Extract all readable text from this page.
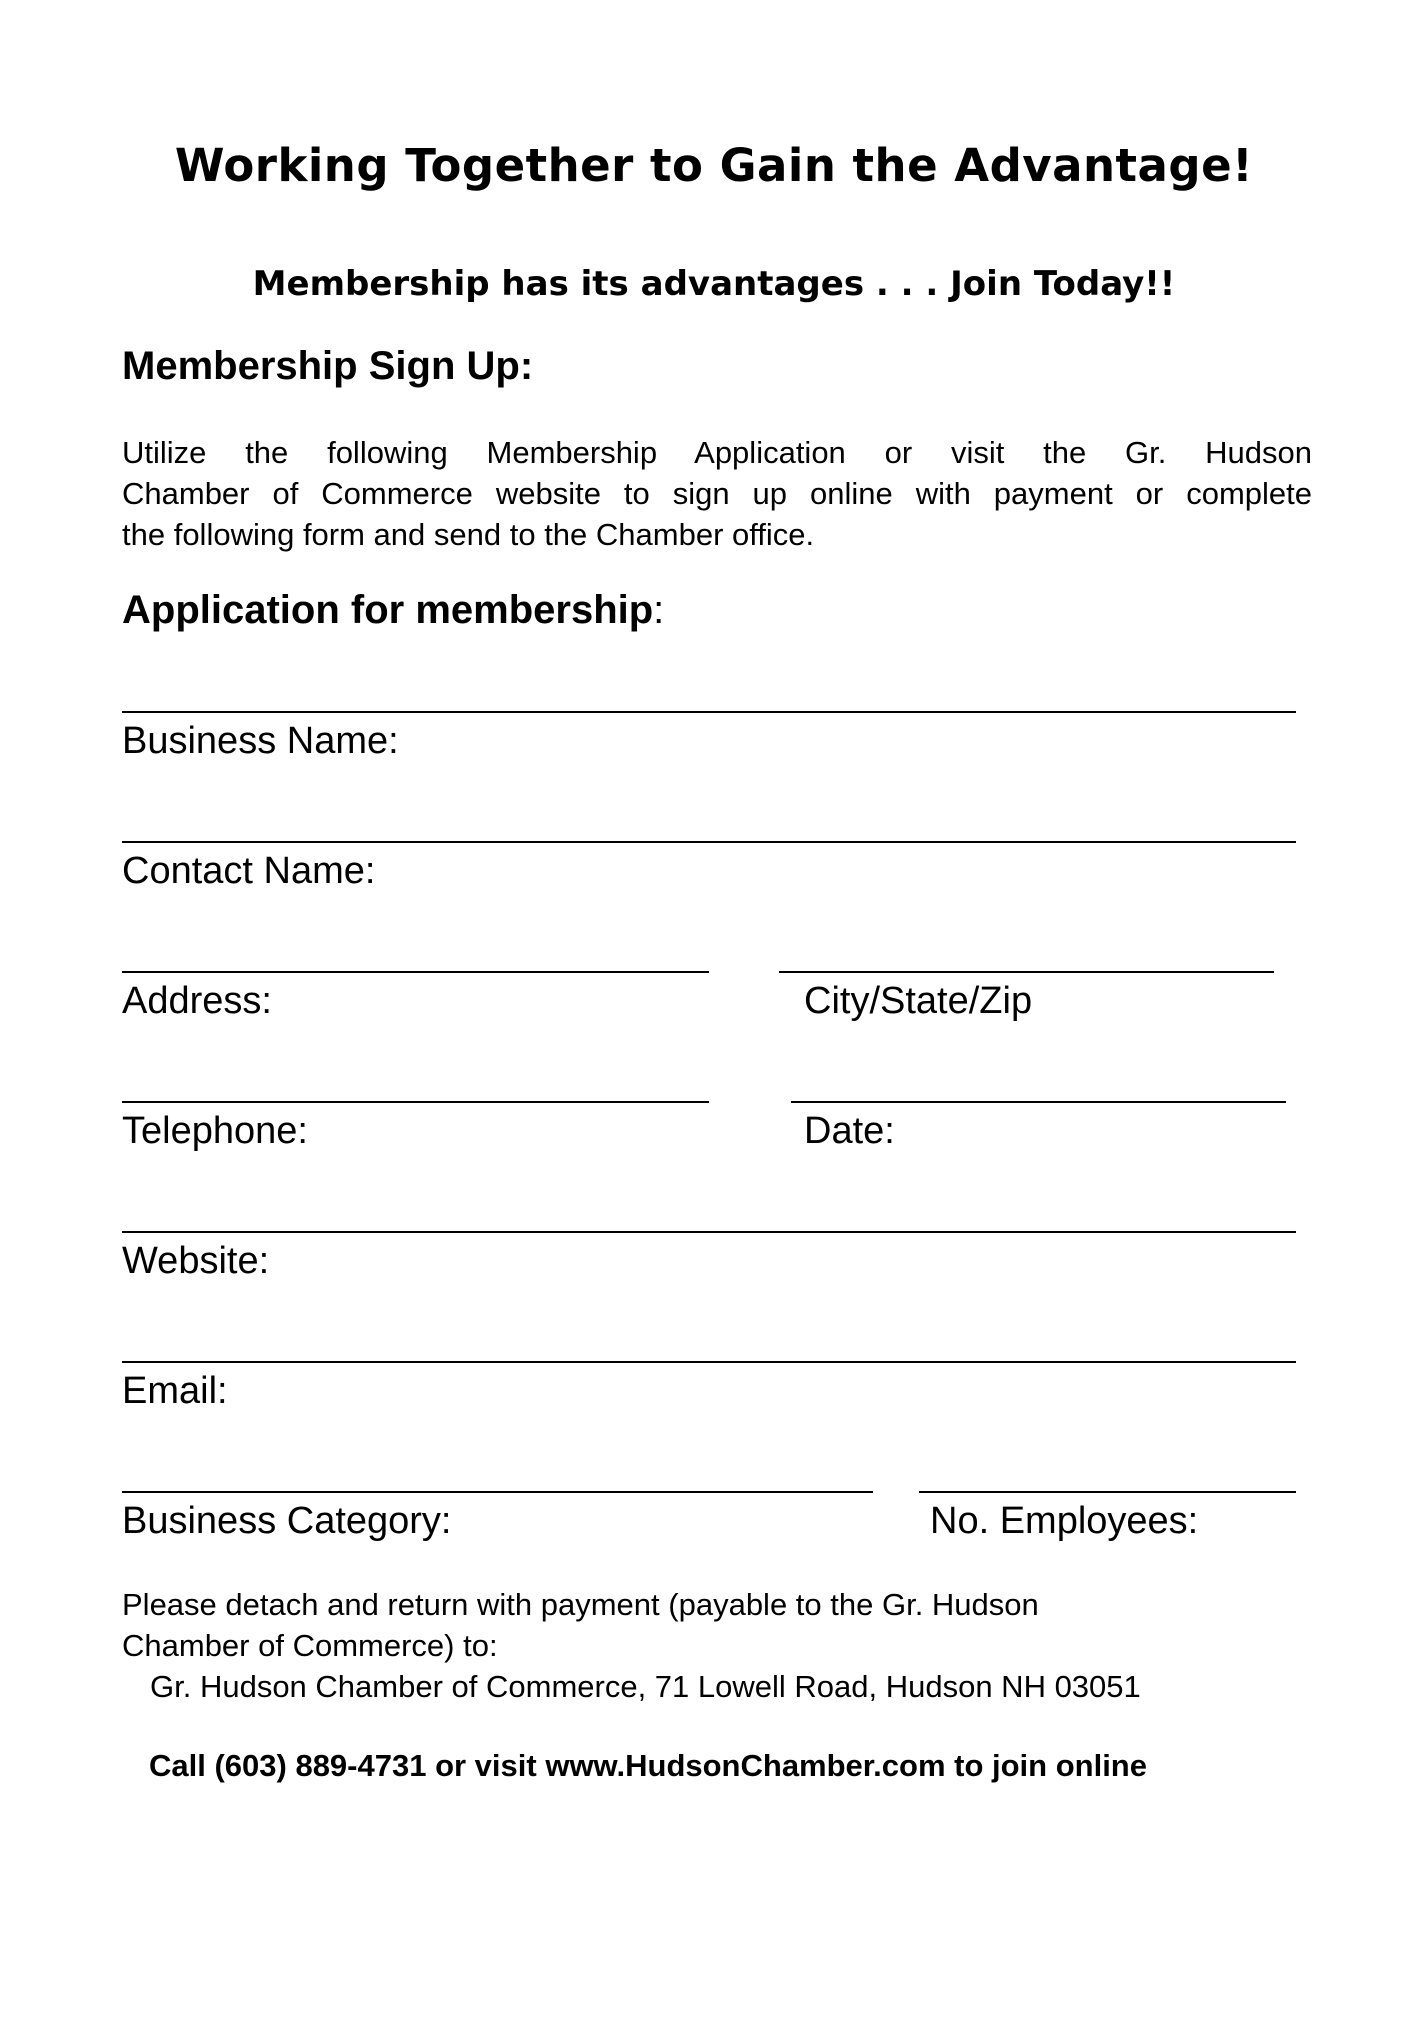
Working Together to Gain the Advantage!
Membership has its advantages . . . Join Today!!
Membership Sign Up:
Utilize the following Membership Application or visit the Gr. Hudson
Chamber of Commerce website to sign up online with payment or complete
the following form and send to the Chamber office.
Application for membership:
Business Name:
Contact Name:
Address:	City/State/Zip
Telephone:	Date:
Website:
Email:
Business Category:	No. Employees:
Please detach and return with payment (payable to the Gr. Hudson
Chamber of Commerce) to:
Gr. Hudson Chamber of Commerce, 71 Lowell Road, Hudson NH 03051
Call (603) 889-4731 or visit www.HudsonChamber.com to join online
